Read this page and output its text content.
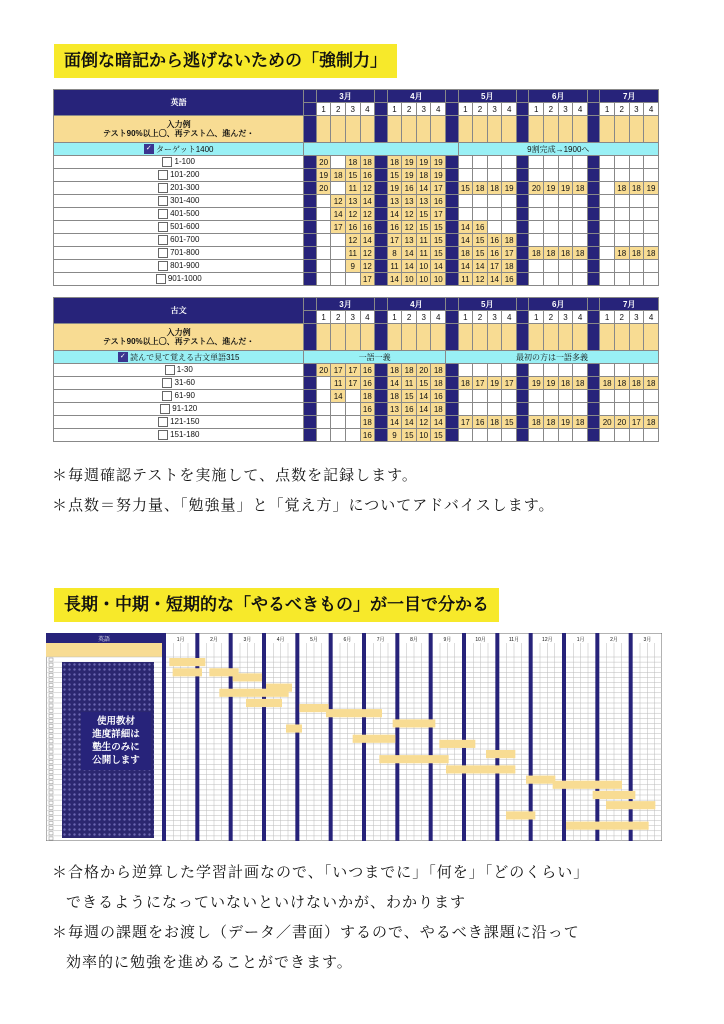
面倒な暗記から逃げないための「強制力」
英語		3月					4月					5月					6月					7月			
		1	2	3	4		1	2	3	4		1	2	3	4		1	2	3	4		1	2	3	4
入力例
テスト90%以上〇、再テスト△、進んだ・																									
✓ ターゲット1400												9割完成→1900へ													
1-100		20		18	18		18	19	19	19															
101-200		19	18	15	16		15	19	18	19															
201-300		20		11	12		19	16	14	17		15	18	18	19		20	19	19	18			18	18	19
301-400			12	13	14		13	13	13	16															
401-500			14	12	12		14	12	15	17															
501-600			17	16	16		16	12	15	15		14	16												
601-700				12	14		17	13	11	15		14	15	16	18										
701-800				11	12		8	14	11	15		18	15	16	17		18	18	18	18			18	18	18
801-900				9	12		11	14	10	14		14	14	17	18										
901-1000					17		14	10	10	10		11	12	14	16										
古文		3月					4月					5月					6月					7月			
		1	2	3	4		1	2	3	4		1	2	3	4		1	2	3	4		1	2	3	4
入力例
テスト90%以上〇、再テスト△、進んだ・																									
✓ 読んで見て覚える古文単語315	一語一義										最初の方は一語多義														
1-30		20	17	17	16		18	18	20	18															
31-60			11	17	16		14	11	15	18		18	17	19	17		19	19	18	18		18	18	18	18
61-90			14		18		18	15	14	16															
91-120					16		13	16	14	18															
121-150					18		14	14	12	14		17	16	18	15		18	18	19	18		20	20	17	18
151-180					16		9	15	10	15															
＊毎週確認テストを実施して、点数を記録します。
＊点数＝努力量、「勉強量」と「覚え方」についてアドバイスします。
長期・中期・短期的な「やるべきもの」が一目で分かる
英語	1月	2月	3月	4月	5月	6月	7月	8月	9月	10月	11月	12月	1月	2月	3月
使用教材
進度詳細は
塾生のみに
公開します
＊合格から逆算した学習計画なので、「いつまでに」「何を」「どのくらい」
できるようになっていないといけないかが、わかります
＊毎週の課題をお渡し（データ／書面）するので、やるべき課題に沿って
効率的に勉強を進めることができます。
